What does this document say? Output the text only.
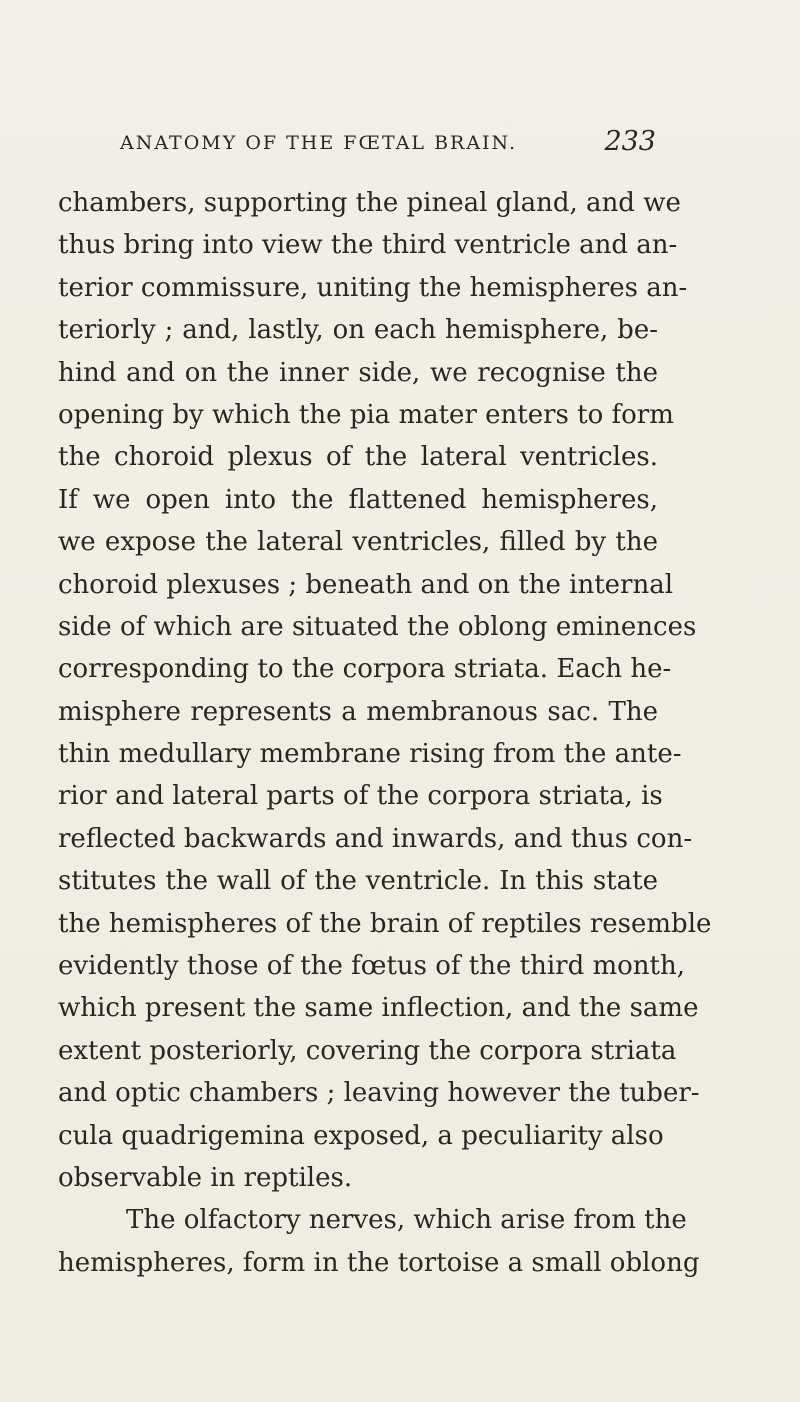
ANATOMY OF THE FŒTAL BRAIN.	233
chambers, supporting the pineal gland, and we
thus bring into view the third ventricle and an-
terior commissure, uniting the hemispheres an-
teriorly ; and, lastly, on each hemisphere, be-
hind and on the inner side, we recognise the
opening by which the pia mater enters to form
the choroid plexus of the lateral ventricles.
If we open into the flattened hemispheres,
we expose the lateral ventricles, filled by the
choroid plexuses ; beneath and on the internal
side of which are situated the oblong eminences
corresponding to the corpora striata. Each he-
misphere represents a membranous sac. The
thin medullary membrane rising from the ante-
rior and lateral parts of the corpora striata, is
reflected backwards and inwards, and thus con-
stitutes the wall of the ventricle. In this state
the hemispheres of the brain of reptiles resemble
evidently those of the fœtus of the third month,
which present the same inflection, and the same
extent posteriorly, covering the corpora striata
and optic chambers ; leaving however the tuber-
cula quadrigemina exposed, a peculiarity also
observable in reptiles.
The olfactory nerves, which arise from the
hemispheres, form in the tortoise a small oblong
